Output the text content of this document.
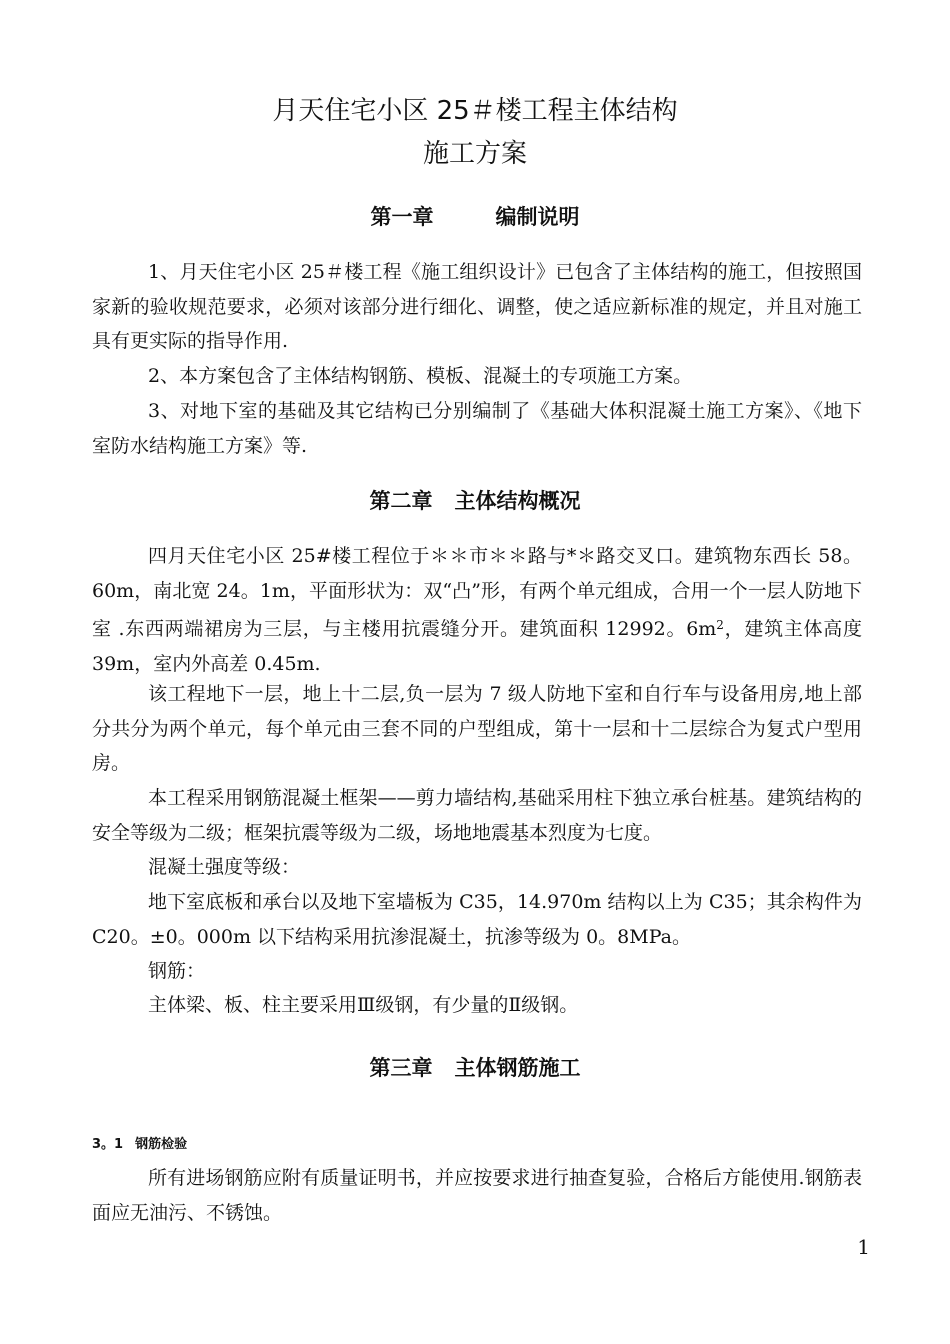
月天住宅小区 25＃楼工程主体结构
施工方案
第一章	编制说明
1、月天住宅小区 25＃楼工程《施工组织设计》已包含了主体结构的施工，但按照国家新的验收规范要求，必须对该部分进行细化、调整，使之适应新标准的规定，并且对施工具有更实际的指导作用.
2、本方案包含了主体结构钢筋、模板、混凝土的专项施工方案。
3、对地下室的基础及其它结构已分别编制了《基础大体积混凝土施工方案》、《地下室防水结构施工方案》等.
第二章 主体结构概况
四月天住宅小区 25#楼工程位于＊＊市＊＊路与*＊路交叉口。建筑物东西长 58。60m，南北宽 24。1m，平面形状为：双“凸”形，有两个单元组成，合用一个一层人防地下室 .东西两端裙房为三层，与主楼用抗震缝分开。建筑面积 12992。$6m^2$，建筑主体高度 39m，室内外高差 0.45m.
该工程地下一层，地上十二层,负一层为 7 级人防地下室和自行车与设备用房,地上部分共分为两个单元，每个单元由三套不同的户型组成，第十一层和十二层综合为复式户型用房。
本工程采用钢筋混凝土框架——剪力墙结构,基础采用柱下独立承台桩基。建筑结构的安全等级为二级；框架抗震等级为二级，场地地震基本烈度为七度。
混凝土强度等级：
地下室底板和承台以及地下室墙板为 C35，14.970m 结构以上为 C35；其余构件为 C20。±0。000m 以下结构采用抗渗混凝土，抗渗等级为 0。8MPa。
钢筋：
主体梁、板、柱主要采用Ⅲ级钢，有少量的Ⅱ级钢。
第三章 主体钢筋施工
3。1 钢筋检验
所有进场钢筋应附有质量证明书，并应按要求进行抽查复验，合格后方能使用.钢筋表面应无油污、不锈蚀。
1
